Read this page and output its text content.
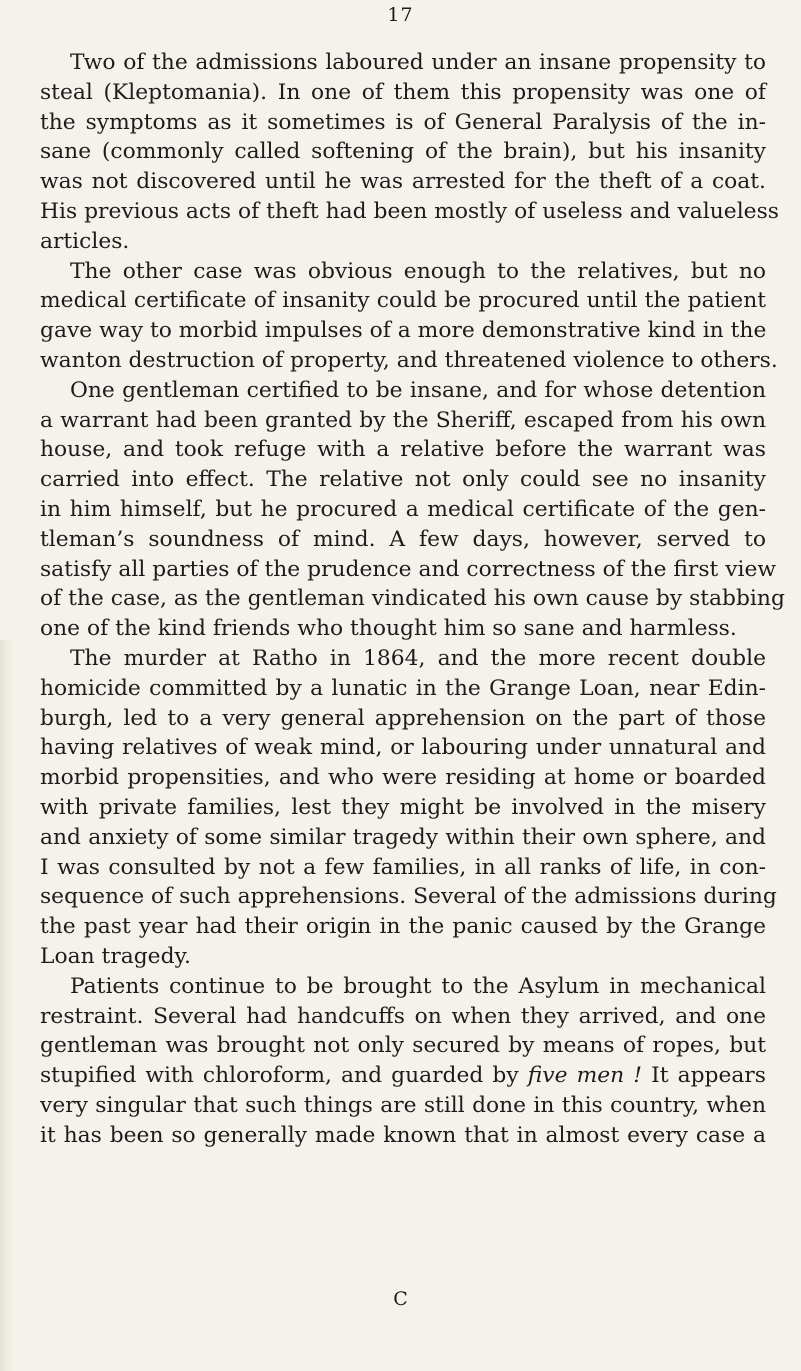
17
Two of the admissions laboured under an insane propensity to
steal (Kleptomania). In one of them this propensity was one of
the symptoms as it sometimes is of General Paralysis of the in-
sane (commonly called softening of the brain), but his insanity
was not discovered until he was arrested for the theft of a coat.
His previous acts of theft had been mostly of useless and valueless
articles.
The other case was obvious enough to the relatives, but no
medical certificate of insanity could be procured until the patient
gave way to morbid impulses of a more demonstrative kind in the
wanton destruction of property, and threatened violence to others.
One gentleman certified to be insane, and for whose detention
a warrant had been granted by the Sheriff, escaped from his own
house, and took refuge with a relative before the warrant was
carried into effect. The relative not only could see no insanity
in him himself, but he procured a medical certificate of the gen-
tleman’s soundness of mind. A few days, however, served to
satisfy all parties of the prudence and correctness of the first view
of the case, as the gentleman vindicated his own cause by stabbing
one of the kind friends who thought him so sane and harmless.
The murder at Ratho in 1864, and the more recent double
homicide committed by a lunatic in the Grange Loan, near Edin-
burgh, led to a very general apprehension on the part of those
having relatives of weak mind, or labouring under unnatural and
morbid propensities, and who were residing at home or boarded
with private families, lest they might be involved in the misery
and anxiety of some similar tragedy within their own sphere, and
I was consulted by not a few families, in all ranks of life, in con-
sequence of such apprehensions. Several of the admissions during
the past year had their origin in the panic caused by the Grange
Loan tragedy.
Patients continue to be brought to the Asylum in mechanical
restraint. Several had handcuffs on when they arrived, and one
gentleman was brought not only secured by means of ropes, but
stupified with chloroform, and guarded by five men ! It appears
very singular that such things are still done in this country, when
it has been so generally made known that in almost every case a
C
